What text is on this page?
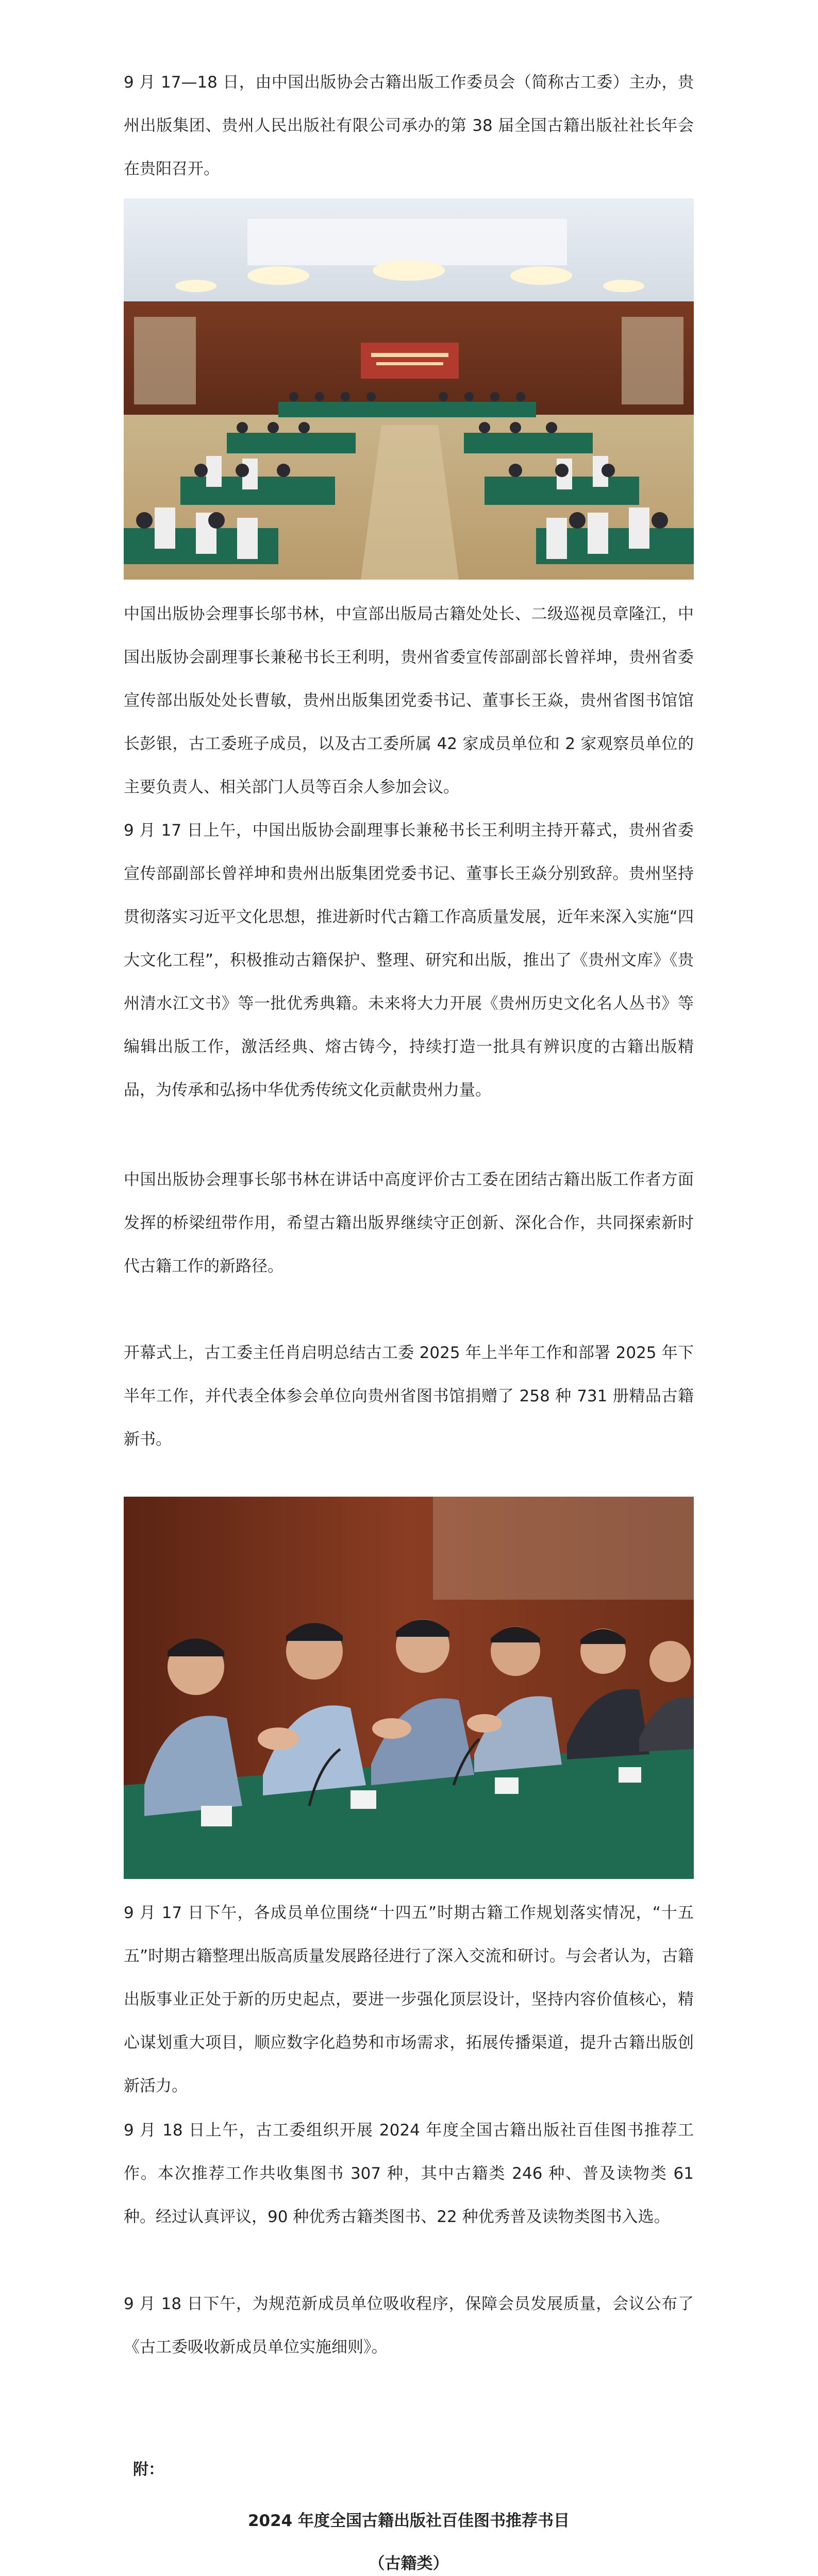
9 月 17—18 日，由中国出版协会古籍出版工作委员会（简称古工委）主办，贵州出版集团、贵州人民出版社有限公司承办的第 38 届全国古籍出版社社长年会在贵阳召开。

中国出版协会理事长邬书林，中宣部出版局古籍处处长、二级巡视员章隆江，中国出版协会副理事长兼秘书长王利明，贵州省委宣传部副部长曾祥坤，贵州省委宣传部出版处处长曹敏，贵州出版集团党委书记、董事长王焱，贵州省图书馆馆长彭银，古工委班子成员，以及古工委所属 42 家成员单位和 2 家观察员单位的主要负责人、相关部门人员等百余人参加会议。

9 月 17 日上午，中国出版协会副理事长兼秘书长王利明主持开幕式，贵州省委宣传部副部长曾祥坤和贵州出版集团党委书记、董事长王焱分别致辞。贵州坚持贯彻落实习近平文化思想，推进新时代古籍工作高质量发展，近年来深入实施“四大文化工程”，积极推动古籍保护、整理、研究和出版，推出了《贵州文库》《贵州清水江文书》等一批优秀典籍。未来将大力开展《贵州历史文化名人丛书》等编辑出版工作，激活经典、熔古铸今，持续打造一批具有辨识度的古籍出版精品，为传承和弘扬中华优秀传统文化贡献贵州力量。

中国出版协会理事长邬书林在讲话中高度评价古工委在团结古籍出版工作者方面发挥的桥梁纽带作用，希望古籍出版界继续守正创新、深化合作，共同探索新时代古籍工作的新路径。

开幕式上，古工委主任肖启明总结古工委 2025 年上半年工作和部署 2025 年下半年工作，并代表全体参会单位向贵州省图书馆捐赠了 258 种 731 册精品古籍新书。

9 月 17 日下午，各成员单位围绕“十四五”时期古籍工作规划落实情况，“十五五”时期古籍整理出版高质量发展路径进行了深入交流和研讨。与会者认为，古籍出版事业正处于新的历史起点，要进一步强化顶层设计，坚持内容价值核心，精心谋划重大项目，顺应数字化趋势和市场需求，拓展传播渠道，提升古籍出版创新活力。

9 月 18 日上午，古工委组织开展 2024 年度全国古籍出版社百佳图书推荐工作。本次推荐工作共收集图书 307 种，其中古籍类 246 种、普及读物类 61 种。经过认真评议，90 种优秀古籍类图书、22 种优秀普及读物类图书入选。

9 月 18 日下午，为规范新成员单位吸收程序，保障会员发展质量，会议公布了《古工委吸收新成员单位实施细则》。

附：
2024 年度全国古籍出版社百佳图书推荐书目
（古籍类）
